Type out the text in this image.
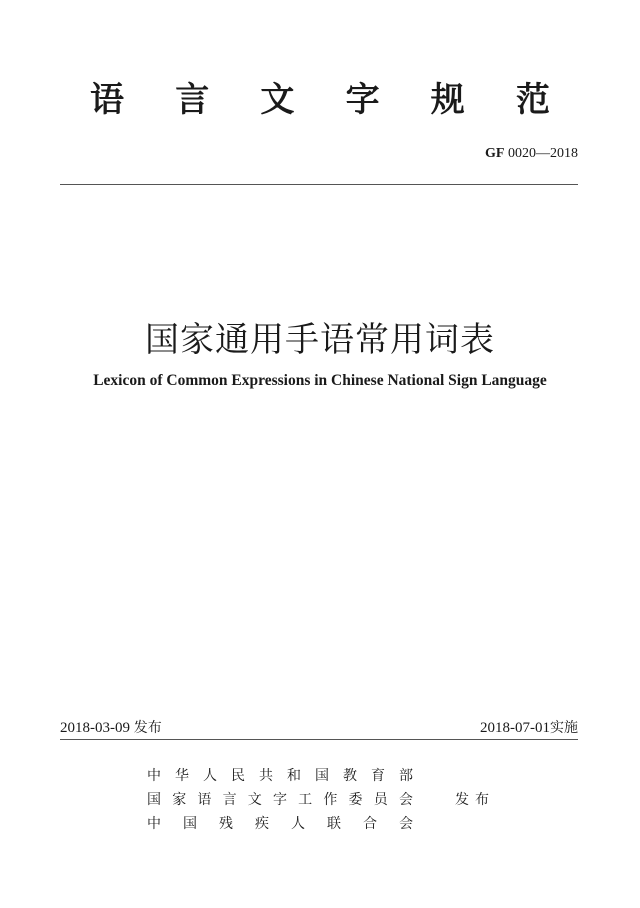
语 言 文 字 规 范
GF 0020—2018
国家通用手语常用词表
Lexicon of Common Expressions in Chinese National Sign Language
2018-03-09 发布	2018-07-01实施
中 华 人 民 共 和 国 教 育 部
国 家 语 言 文 字 工 作 委 员 会
中 国 残 疾 人 联 合 会
发布
